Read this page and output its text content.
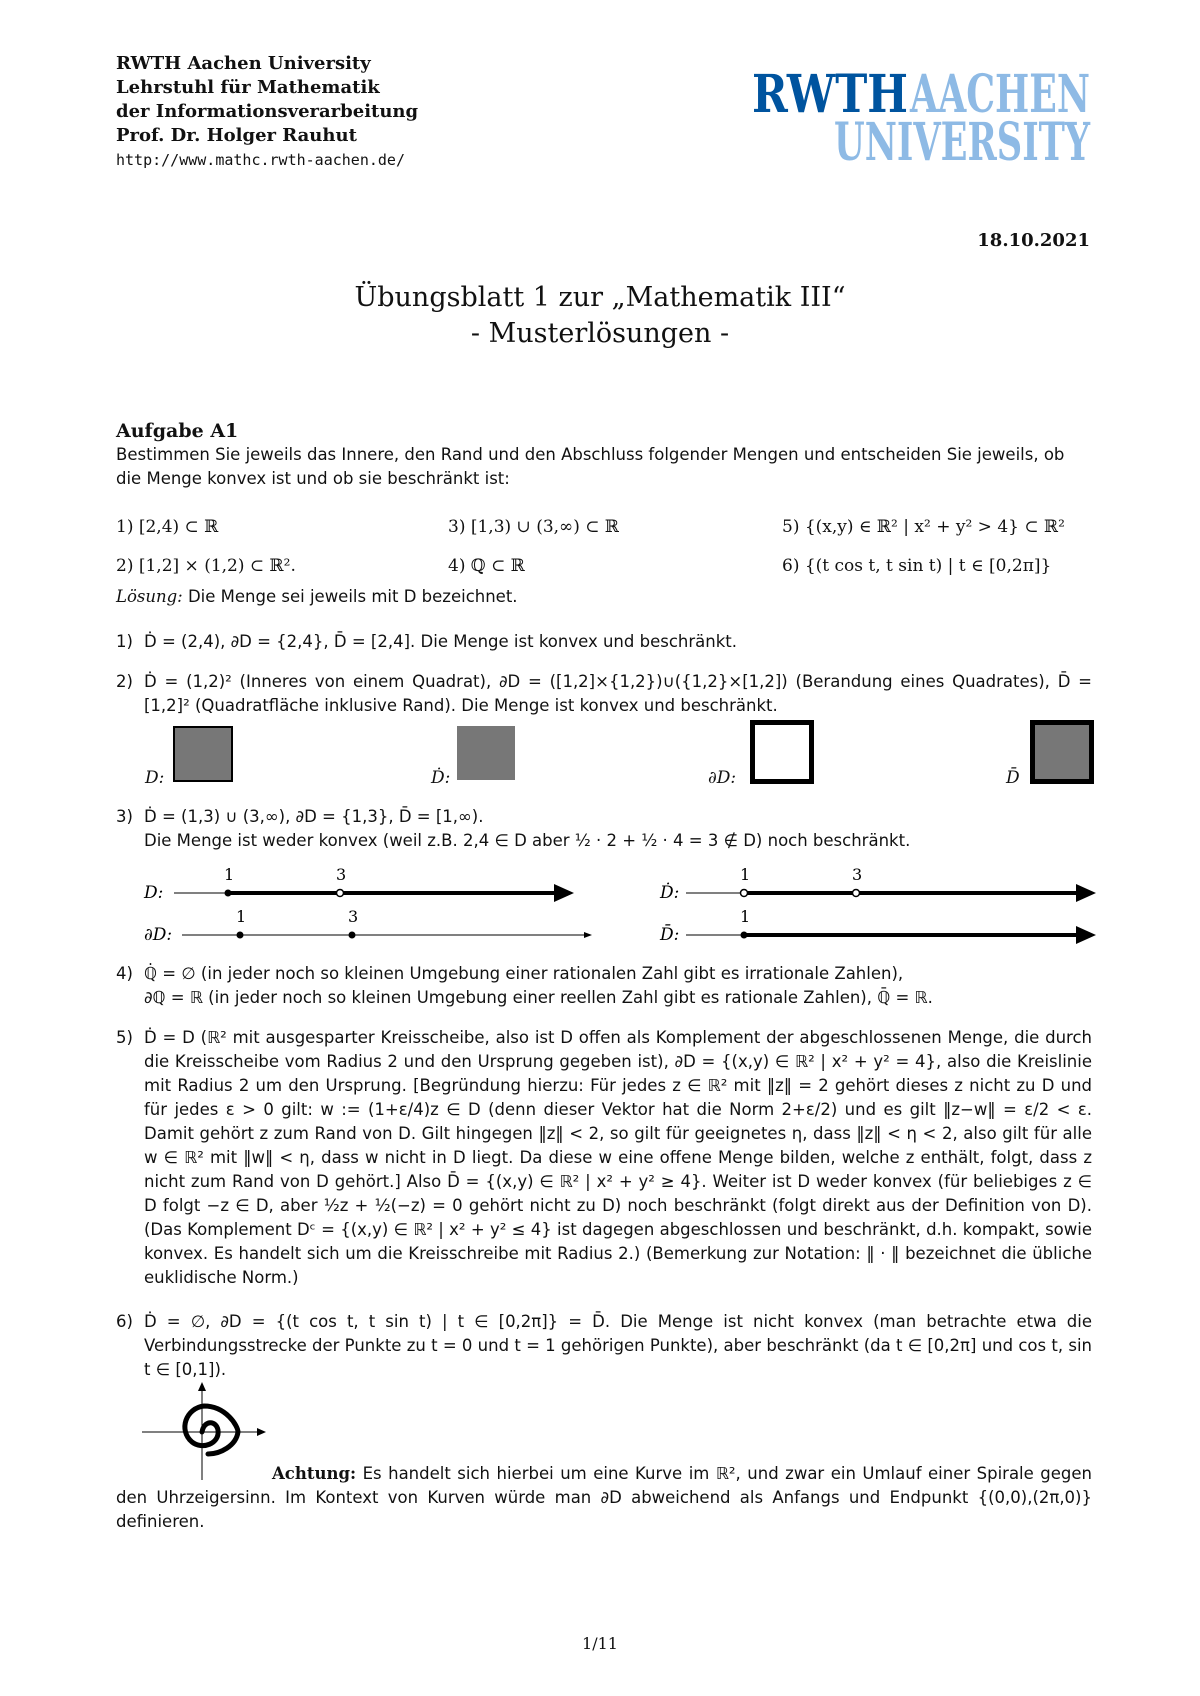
RWTH Aachen University
Lehrstuhl für Mathematik
der Informationsverarbeitung
Prof. Dr. Holger Rauhut
http://www.mathc.rwth-aachen.de/
RWTH AACHEN
UNIVERSITY
18.10.2021
Übungsblatt 1 zur „Mathematik III“
- Musterlösungen -
Aufgabe A1
Bestimmen Sie jeweils das Innere, den Rand und den Abschluss folgender Mengen und entscheiden Sie jeweils, ob die Menge konvex ist und ob sie beschränkt ist:
1) [2,4) ⊂ ℝ	3) [1,3) ∪ (3,∞) ⊂ ℝ	5) {(x,y) ∈ ℝ² | x² + y² > 4} ⊂ ℝ²
2) [1,2] × (1,2) ⊂ ℝ².	4) ℚ ⊂ ℝ	6) {(t cos t, t sin t) | t ∈ [0,2π]}
Lösung: Die Menge sei jeweils mit D bezeichnet.
1) Ḋ = (2,4), ∂D = {2,4}, D̄ = [2,4]. Die Menge ist konvex und beschränkt.
2) Ḋ = (1,2)² (Inneres von einem Quadrat), ∂D = ([1,2]×{1,2})∪({1,2}×[1,2]) (Berandung eines Quadrates), D̄ = [1,2]² (Quadratfläche inklusive Rand). Die Menge ist konvex und beschränkt.
D:	Ḋ:	∂D:	D̄
3) Ḋ = (1,3) ∪ (3,∞), ∂D = {1,3}, D̄ = [1,∞).
Die Menge ist weder konvex (weil z.B. 2,4 ∈ D aber ½ · 2 + ½ · 4 = 3 ∉ D) noch beschränkt.
D:
1	3
∂D:
1	3
Ḋ:
1	3
D̄:
1
4) ℚ̇ = ∅ (in jeder noch so kleinen Umgebung einer rationalen Zahl gibt es irrationale Zahlen),
∂ℚ = ℝ (in jeder noch so kleinen Umgebung einer reellen Zahl gibt es rationale Zahlen), ℚ̄ = ℝ.
5) Ḋ = D (ℝ² mit ausgesparter Kreisscheibe, also ist D offen als Komplement der abgeschlossenen Menge, die durch die Kreisscheibe vom Radius 2 und den Ursprung gegeben ist), ∂D = {(x,y) ∈ ℝ² | x² + y² = 4}, also die Kreislinie mit Radius 2 um den Ursprung. [Begründung hierzu: Für jedes z ∈ ℝ² mit ‖z‖ = 2 gehört dieses z nicht zu D und für jedes ε > 0 gilt: w := (1+ε/4)z ∈ D (denn dieser Vektor hat die Norm 2+ε/2) und es gilt ‖z−w‖ = ε/2 < ε. Damit gehört z zum Rand von D. Gilt hingegen ‖z‖ < 2, so gilt für geeignetes η, dass ‖z‖ < η < 2, also gilt für alle w ∈ ℝ² mit ‖w‖ < η, dass w nicht in D liegt. Da diese w eine offene Menge bilden, welche z enthält, folgt, dass z nicht zum Rand von D gehört.] Also D̄ = {(x,y) ∈ ℝ² | x² + y² ≥ 4}. Weiter ist D weder konvex (für beliebiges z ∈ D folgt −z ∈ D, aber ½z + ½(−z) = 0 gehört nicht zu D) noch beschränkt (folgt direkt aus der Definition von D). (Das Komplement Dᶜ = {(x,y) ∈ ℝ² | x² + y² ≤ 4} ist dagegen abgeschlossen und beschränkt, d.h. kompakt, sowie konvex. Es handelt sich um die Kreisschreibe mit Radius 2.) (Bemerkung zur Notation: ‖ · ‖ bezeichnet die übliche euklidische Norm.)
6) Ḋ = ∅, ∂D = {(t cos t, t sin t) | t ∈ [0,2π]} = D̄. Die Menge ist nicht konvex (man betrachte etwa die Verbindungsstrecke der Punkte zu t = 0 und t = 1 gehörigen Punkte), aber beschränkt (da t ∈ [0,2π] und cos t, sin t ∈ [0,1]).
Achtung: Es handelt sich hierbei um eine Kurve im ℝ², und zwar ein Umlauf einer Spirale gegen den Uhrzeigersinn. Im Kontext von Kurven würde man ∂D abweichend als Anfangs und Endpunkt {(0,0),(2π,0)} definieren.
1/11
